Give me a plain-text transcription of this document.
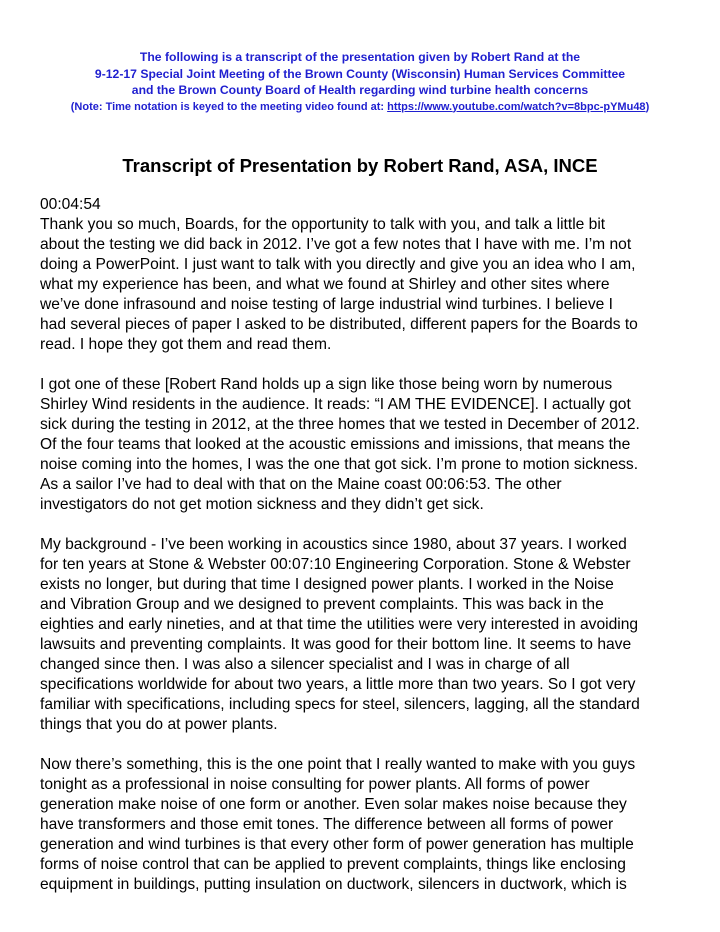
The following is a transcript of the presentation given by Robert Rand at the
9-12-17 Special Joint Meeting of the Brown County (Wisconsin) Human Services Committee
and the Brown County Board of Health regarding wind turbine health concerns
(Note: Time notation is keyed to the meeting video found at: https://www.youtube.com/watch?v=8bpc-pYMu48)
Transcript of Presentation by Robert Rand, ASA, INCE

00:04:54
Thank you so much, Boards, for the opportunity to talk with you, and talk a little bit
about the testing we did back in 2012. I’ve got a few notes that I have with me. I’m not
doing a PowerPoint. I just want to talk with you directly and give you an idea who I am,
what my experience has been, and what we found at Shirley and other sites where
we’ve done infrasound and noise testing of large industrial wind turbines. I believe I
had several pieces of paper I asked to be distributed, different papers for the Boards to
read. I hope they got them and read them.

I got one of these [Robert Rand holds up a sign like those being worn by numerous
Shirley Wind residents in the audience. It reads: “I AM THE EVIDENCE]. I actually got
sick during the testing in 2012, at the three homes that we tested in December of 2012.
Of the four teams that looked at the acoustic emissions and imissions, that means the
noise coming into the homes, I was the one that got sick. I’m prone to motion sickness.
As a sailor I’ve had to deal with that on the Maine coast 00:06:53. The other
investigators do not get motion sickness and they didn’t get sick.

My background - I’ve been working in acoustics since 1980, about 37 years. I worked
for ten years at Stone & Webster 00:07:10 Engineering Corporation. Stone & Webster
exists no longer, but during that time I designed power plants. I worked in the Noise
and Vibration Group and we designed to prevent complaints. This was back in the
eighties and early nineties, and at that time the utilities were very interested in avoiding
lawsuits and preventing complaints. It was good for their bottom line. It seems to have
changed since then. I was also a silencer specialist and I was in charge of all
specifications worldwide for about two years, a little more than two years. So I got very
familiar with specifications, including specs for steel, silencers, lagging, all the standard
things that you do at power plants.

Now there’s something, this is the one point that I really wanted to make with you guys
tonight as a professional in noise consulting for power plants. All forms of power
generation make noise of one form or another. Even solar makes noise because they
have transformers and those emit tones. The difference between all forms of power
generation and wind turbines is that every other form of power generation has multiple
forms of noise control that can be applied to prevent complaints, things like enclosing
equipment in buildings, putting insulation on ductwork, silencers in ductwork, which is
